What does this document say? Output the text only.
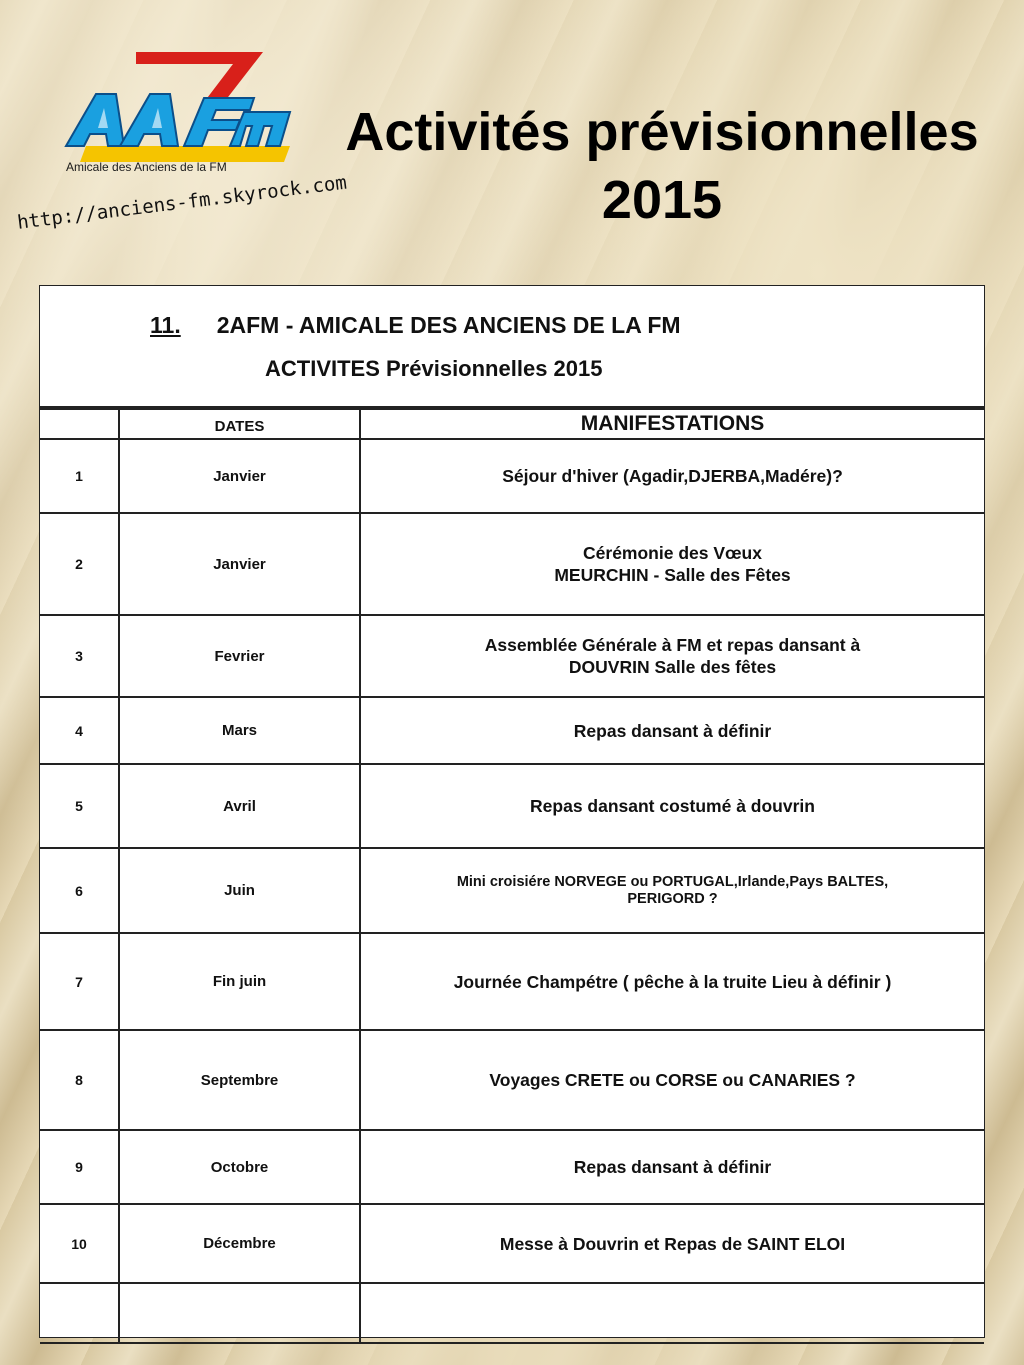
Amicale des Anciens de la FM
http://anciens-fm.skyrock.com
Activités prévisionnelles
2015
11. 2AFM - AMICALE DES ANCIENS DE LA FM
ACTIVITES Prévisionnelles 2015
	DATES	MANIFESTATIONS
1	Janvier	Séjour d'hiver (Agadir,DJERBA,Madére)?

2	Janvier	Cérémonie des Vœux
MEURCHIN - Salle des Fêtes

3	Fevrier	Assemblée Générale à FM et repas dansant à
DOUVRIN Salle des fêtes

4	Mars	Repas dansant à définir

5	Avril	Repas dansant costumé à douvrin

6	Juin	Mini croisiére NORVEGE ou PORTUGAL,Irlande,Pays BALTES,
PERIGORD ?

7	Fin juin	Journée Champétre ( pêche à la truite Lieu à définir )

8	Septembre	Voyages CRETE ou CORSE ou CANARIES ?

9	Octobre	Repas dansant à définir

10	Décembre	Messe à Douvrin et Repas de SAINT ELOI
